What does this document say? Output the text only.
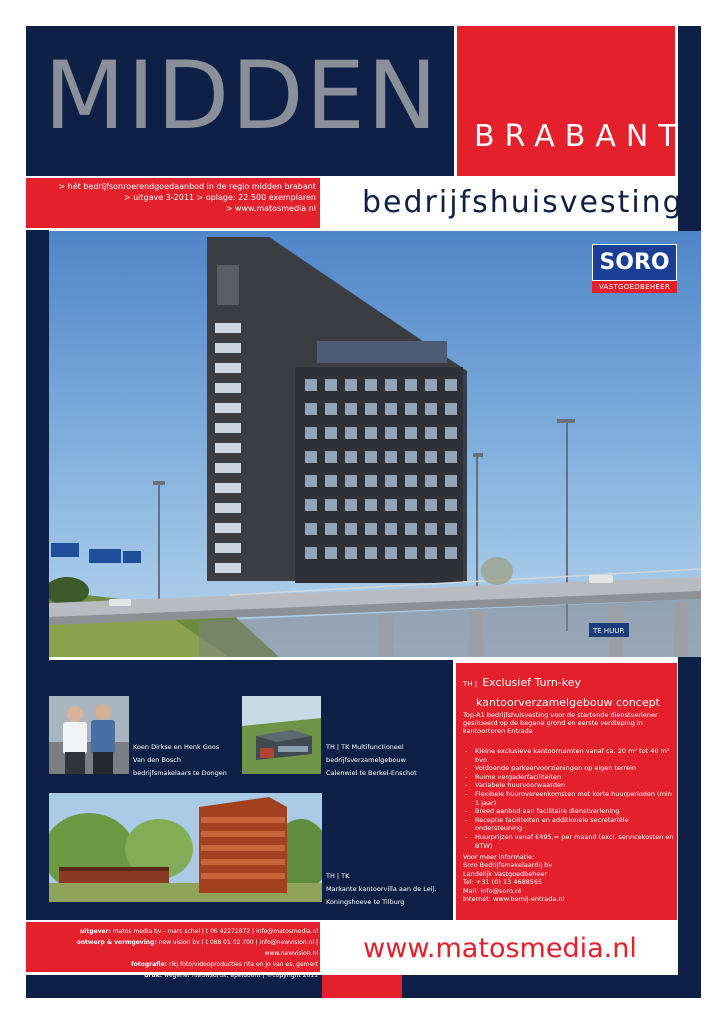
MIDDEN BRABANT
> hét bedrijfsonroerendgoedaanbod in de regio midden brabant
> uitgave 3-2011 > oplage: 22.500 exemplaren
> www.matosmedia.nl bedrijfshuisvesting
TE HUUR
SORO
VASTGOEDBEHEER
Koen Dirkse en Henk Goos
Van den Bosch
bedrijfsmakelaars te Dongen
TH | TK Multifunctioneel
bedrijfsverzamelgebouw
Calenwiel te Berkel-Enschot
TH | TK
Markante kantoorvilla aan de Leij,
Koningshoeve te Tilburg
TH | Exclusief Turn-key
kantoorverzamelgebouw concept
Top-A1 bedrijfshuisvesting voor de startende dienstverlener gesitueerd op de begane grond en eerste verdieping in kantoortoren Entrada
- Kleine exclusieve kantoorruimten vanaf ca. 20 m² tot 40 m² bvo
- Voldoende parkeervoorzieningen op eigen terrein
- Ruime vergaderfaciliteiten
- Variabele huurvoorwaarden
- Flexibele huurovereenkomsten met korte huurperioden (min 1 jaar)
- Breed aanbod aan facilitaire dienstverlening
- Receptie faciliteiten en additionele secretariële ondersteuning
- Huurprijzen vanaf €495,= per maand (excl. servicekosten en BTW)
Voor meer informatie:
Soro Bedrijfsmakelaardij bv
Landelijk Vastgoedbeheer
Tel: +31 (0) 13 4688565
Mail: info@soro.nl
Internet: www.bemij-entrada.nl
uitgever: matos media bv - marc schel | t 06 42272872 | info@matosmedia.nl
ontwerp & vormgeving: new vision bv | t 088 01 02 700 | info@newvision.nl | www.newvision.nl
fotografie: rikj foto/videoproducties rita en jo van es, gemert
druk: wegener nieuwsdruk, apeldoorn | ©copyright 2011
www.matosmedia.nl
